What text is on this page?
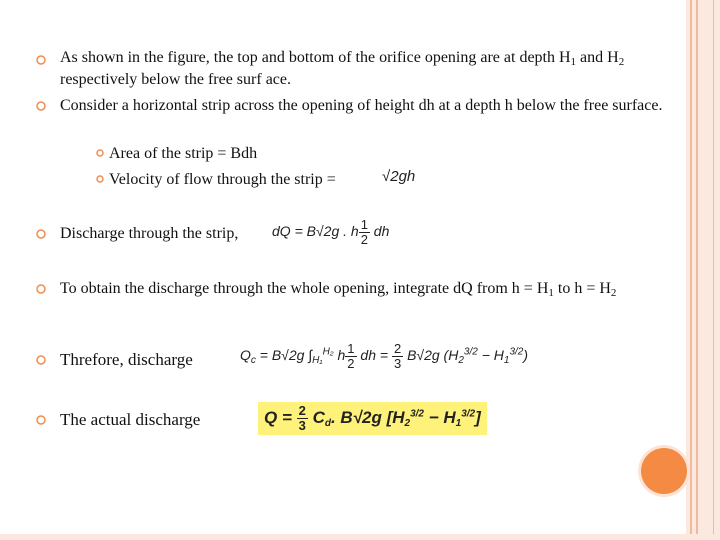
As shown in the figure, the top and bottom of the orifice opening are at depth $H_1$ and $H_2$ respectively below the free surf ace.
Consider a horizontal strip across the opening of height dh at a depth h below the free surface.
Area of the strip = Bdh
Velocity of flow through the strip =	√2gh
Discharge through the strip, dQ = B√2g . h $\frac{1}{2}$ dh
To obtain the discharge through the whole opening, integrate dQ from $h = H_1$ to $h = H_2$
Threfore, discharge	$Q_c = B√2g$ $\int_{H_1}^{H_2}$ h $\frac{1}{2}$ dh = $\frac{2}{3} B√2g$ $(H_2^{3/2} - H_1^{3/2})$
The actual discharge	$Q = \frac{2}{3} C_d$. B√2g $[H_2^{3/2} - H_1^{3/2}]$
